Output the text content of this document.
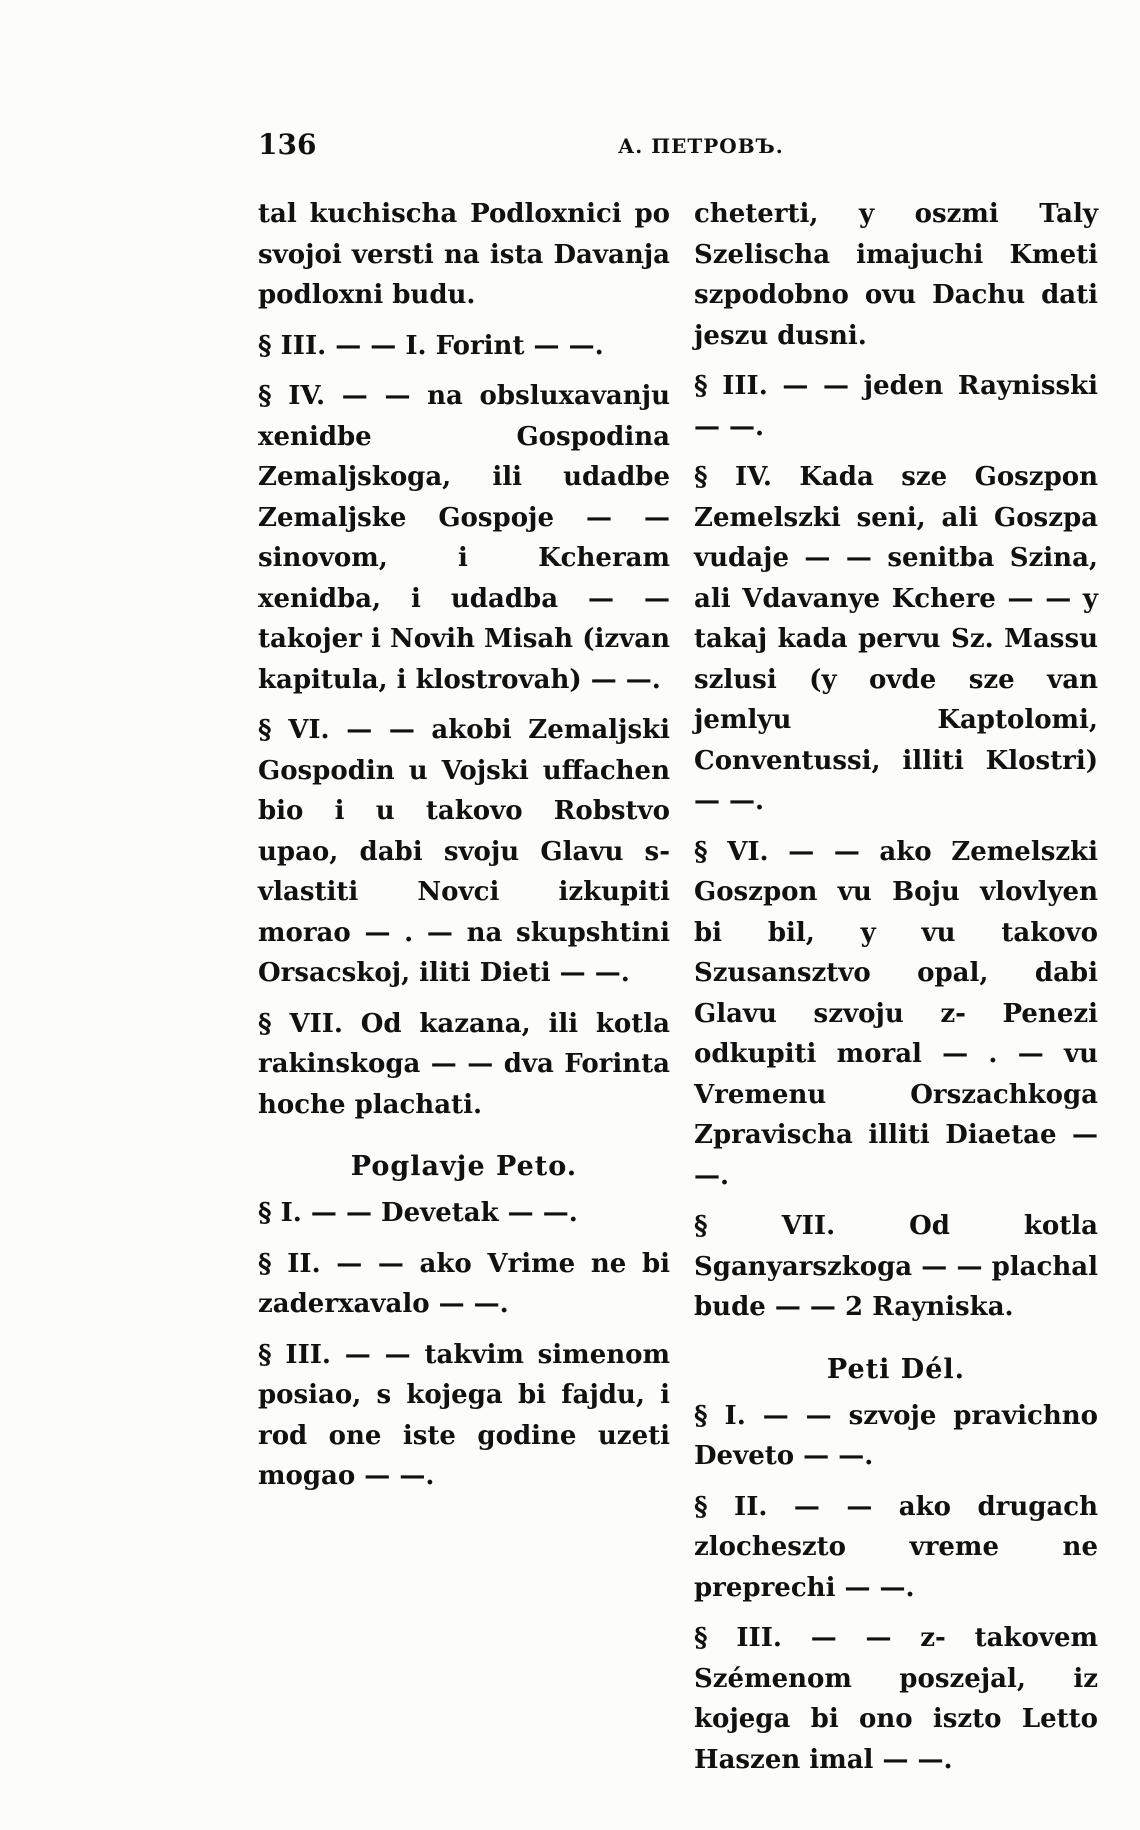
136	А. ПЕТРОВЪ.
tal kuchischa Podloxnici po svojoi versti na ista Davanja podloxni budu.
§ III. — — I. Forint — —.
§ IV. — — na obsluxavanju xenidbe Gospodina Zemaljskoga, ili udadbe Zemaljske Gospoje — — sinovom, i Kcheram xenidba, i udadba — — takojer i Novih Misah (izvan kapitula, i klostrovah) — —.
§ VI. — — akobi Zemaljski Gospodin u Vojski uffachen bio i u takovo Robstvo upao, dabi svoju Glavu s- vlastiti Novci izkupiti morao — . — na skupshtini Orsacskoj, iliti Dieti — —.
§ VII. Od kazana, ili kotla rakinskoga — — dva Forinta hoche plachati.
Poglavje Peto.
§ I. — — Devetak — —.
§ II. — — ako Vrime ne bi zaderxavalo — —.
§ III. — — takvim simenom posiao, s kojega bi fajdu, i rod one iste godine uzeti mogao — —.
cheterti, y oszmi Taly Szelischa imajuchi Kmeti szpodobno ovu Dachu dati jeszu dusni.
§ III. — — jeden Raynisski — —.
§ IV. Kada sze Goszpon Zemelszki seni, ali Goszpa vudaje — — senitba Szina, ali Vdavanye Kchere — — y takaj kada pervu Sz. Massu szlusi (y ovde sze van jemlyu Kaptolomi, Conventussi, illiti Klostri) — —.
§ VI. — — ako Zemelszki Goszpon vu Boju vlovlyen bi bil, y vu takovo Szusansztvo opal, dabi Glavu szvoju z- Penezi odkupiti moral — . — vu Vremenu Orszachkoga Zpravischa illiti Diaetae — —.
§ VII. Od kotla Sganyarszkoga — — plachal bude — — 2 Rayniska.
Peti Dél.
§ I. — — szvoje pravichno Deveto — —.
§ II. — — ako drugach zlocheszto vreme ne preprechi — —.
§ III. — — z- takovem Szémenom poszejal, iz kojega bi ono iszto Letto Haszen imal — —.
